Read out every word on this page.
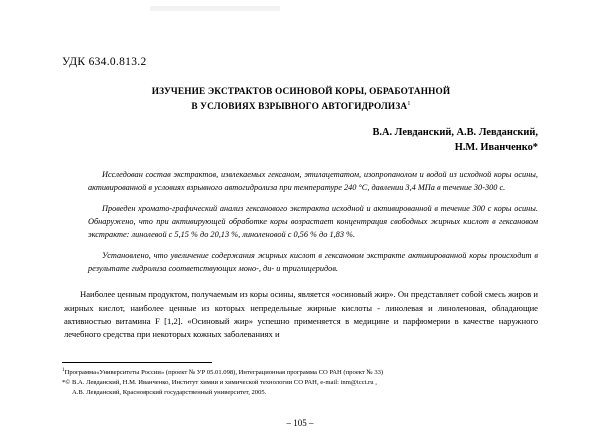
УДК 634.0.813.2
ИЗУЧЕНИЕ ЭКСТРАКТОВ ОСИНОВОЙ КОРЫ, ОБРАБОТАННОЙ
В УСЛОВИЯХ ВЗРЫВНОГО АВТОГИДРОЛИЗА$^1$
В.А. Левданский, А.В. Левданский,
Н.М. Иванченко*
Исследован состав экстрактов, извлекаемых гексаном, этилацетатом, изопропанолом и водой из исходной коры осины, активированной в условиях взрывного автогидролиза при температуре 240 °С, давлении 3,4 МПа в течение 30-300 с.
Проведен хромато-графический анализ гексанового экстракта исходной и активированной в течение 300 с коры осины. Обнаружено, что при активирующей обработке коры возрастает концентрация свободных жирных кислот в гексановом экстракте: линолевой с 5,15 % до 20,13 %, линоленовой с 0,56 % до 1,83 %.
Установлено, что увеличение содержания жирных кислот в гексановом экстракте активированной коры происходит в результате гидролиза соответствующих моно-, ди- и триглицеридов.
Наиболее ценным продуктом, получаемым из коры осины, является «осиновый жир». Он представляет собой смесь жиров и жирных кислот, наиболее ценные из которых непредельные жирные кислоты - линолевая и линоленовая, обладающие активностью витамина F [1,2]. «Осиновый жир» успешно применяется в медицине и парфюмерии в качестве наружного лечебного средства при некоторых кожных заболеваниях и
$^1$Программа«Университеты России» (проект № УР 05.01.098), Интеграционная программа СО РАН (проект № 33)
*© В.А. Левданский, Н.М. Иванченко, Институт химии и химической технологии СО РАН, e-mail: inm@icct.ru ,
А.В. Левданский, Красноярский государственный университет, 2005.
– 105 –
